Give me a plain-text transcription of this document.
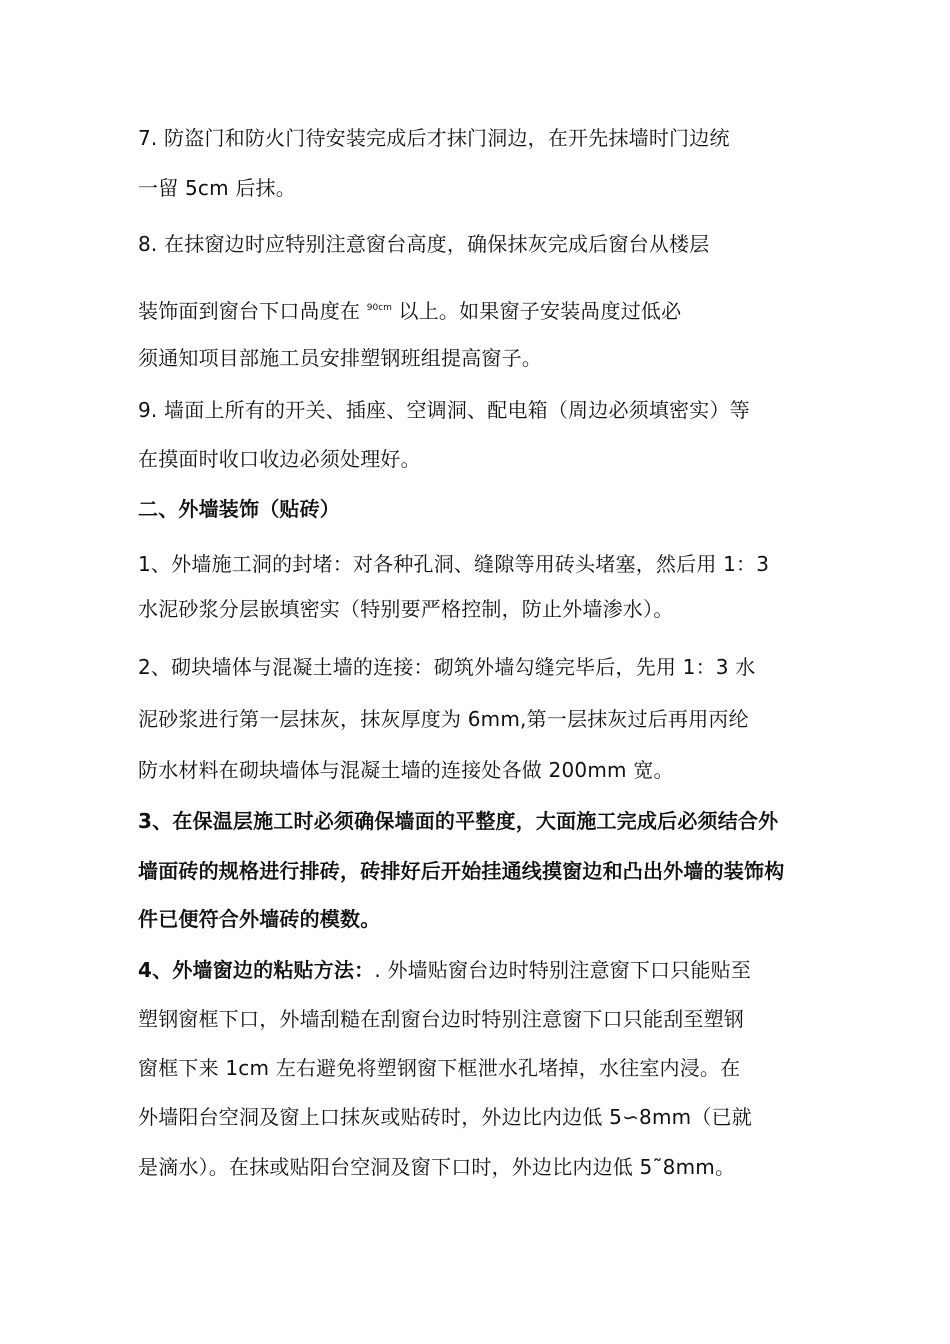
7. 防盗门和防火门待安装完成后才抹门洞边，在开先抹墙时门边统
一留 5cm 后抹。
8. 在抹窗边时应特别注意窗台高度，确保抹灰完成后窗台从楼层
装饰面到窗台下口咼度在 $^{90cm}$ 以上。如果窗子安装咼度过低必
须通知项目部施工员安排塑钢班组提高窗子。
9. 墙面上所有的开关、插座、空调洞、配电箱（周边必须填密实）等
在摸面时收口收边必须处理好。
二、外墙装饰（贴砖）
1、外墙施工洞的封堵：对各种孔洞、缝隙等用砖头堵塞，然后用 1：3
水泥砂浆分层嵌填密实（特别要严格控制，防止外墙渗水）。
2、砌块墙体与混凝土墙的连接：砌筑外墙勾缝完毕后，先用 1：3 水
泥砂浆进行第一层抹灰，抹灰厚度为 6mm,第一层抹灰过后再用丙纶
防水材料在砌块墙体与混凝土墙的连接处各做 200mm 宽。
3、在保温层施工时必须确保墙面的平整度，大面施工完成后必须结合外
墙面砖的规格进行排砖，砖排好后开始挂通线摸窗边和凸出外墙的装饰构
件已便符合外墙砖的模数。
4、外墙窗边的粘贴方法：. 外墙贴窗台边时特别注意窗下口只能贴至
塑钢窗框下口，外墙刮糙在刮窗台边时特别注意窗下口只能刮至塑钢
窗框下来 1cm 左右避免将塑钢窗下框泄水孔堵掉，水往室内浸。在
外墙阳台空洞及窗上口抹灰或贴砖时，外边比内边低 5∽8mm（已就
是滴水）。在抹或贴阳台空洞及窗下口时，外边比内边低 5˜8mm。
